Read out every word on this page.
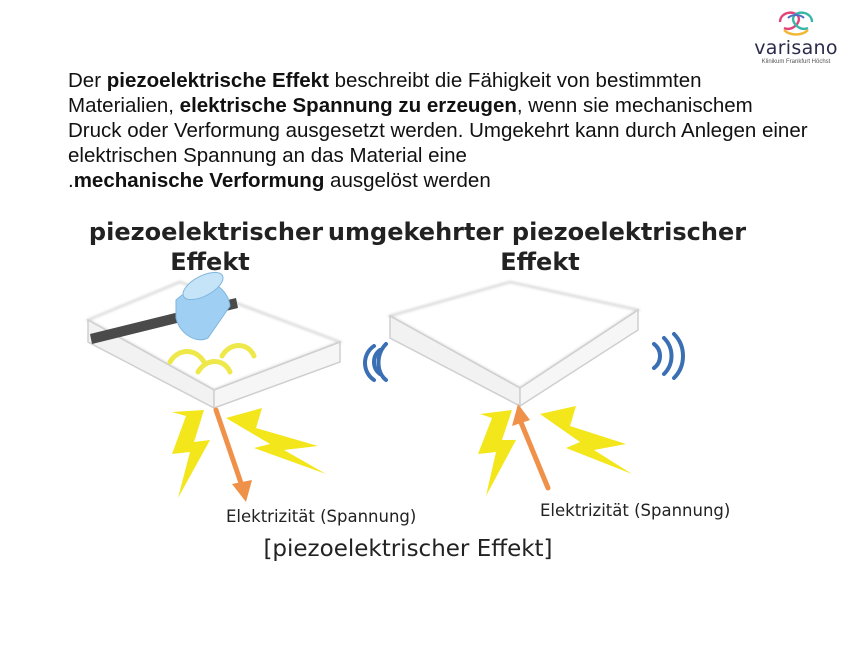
varisano
Klinikum Frankfurt Höchst
Der piezoelektrische Effekt beschreibt die Fähigkeit von bestimmten Materialien, elektrische Spannung zu erzeugen, wenn sie mechanischem Druck oder Verformung ausgesetzt werden. Umgekehrt kann durch Anlegen einer elektrischen Spannung an das Material eine
.mechanische Verformung ausgelöst werden
piezoelektrischer
Effekt
umgekehrter piezoelektrischer
Effekt
Elektrizität (Spannung)	Elektrizität (Spannung)
[piezoelektrischer Effekt]
